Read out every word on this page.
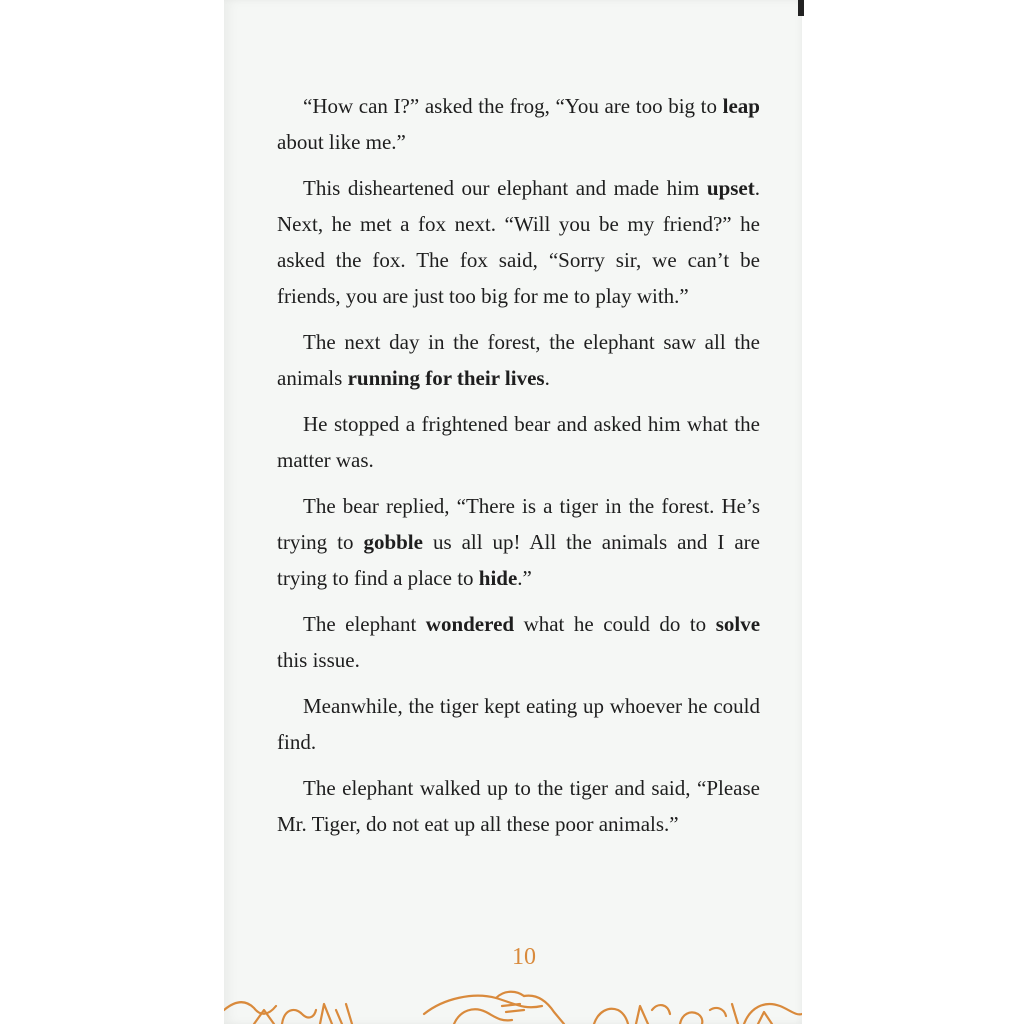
“How can I?” asked the frog, “You are too big to leap about like me.”

This disheartened our elephant and made him upset. Next, he met a fox next. “Will you be my friend?” he asked the fox. The fox said, “Sorry sir, we can’t be friends, you are just too big for me to play with.”

The next day in the forest, the elephant saw all the animals running for their lives.

He stopped a frightened bear and asked him what the matter was.

The bear replied, “There is a tiger in the forest. He’s trying to gobble us all up! All the animals and I are trying to find a place to hide.”

The elephant wondered what he could do to solve this issue.

Meanwhile, the tiger kept eating up whoever he could find.

The elephant walked up to the tiger and said, “Please Mr. Tiger, do not eat up all these poor animals.”

10
